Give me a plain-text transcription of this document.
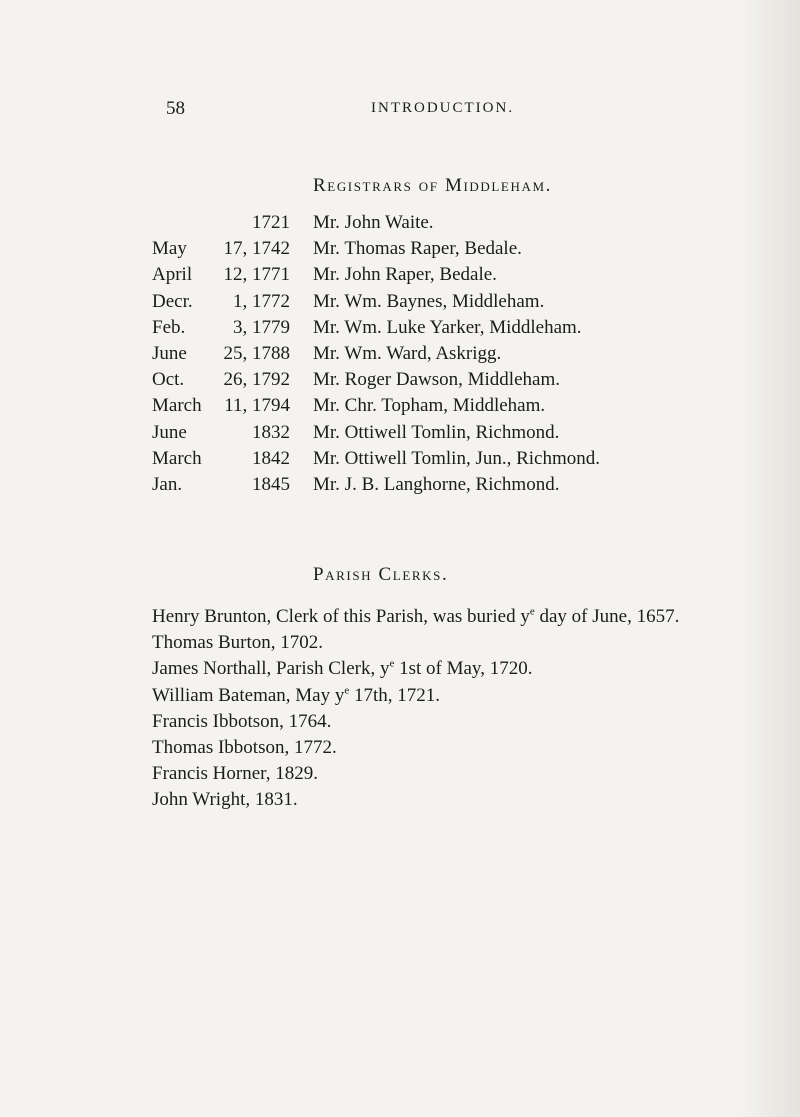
58	INTRODUCTION.
Registrars of Middleham.
1721 Mr. John Waite.
May 17, 1742 Mr. Thomas Raper, Bedale.
April 12, 1771 Mr. John Raper, Bedale.
Decr. 1, 1772 Mr. Wm. Baynes, Middleham.
Feb.	3, 1779 Mr. Wm. Luke Yarker, Middleham.
June 25, 1788 Mr. Wm. Ward, Askrigg.
Oct. 26, 1792 Mr. Roger Dawson, Middleham.
March 11, 1794 Mr. Chr. Topham, Middleham.
June	1832 Mr. Ottiwell Tomlin, Richmond.
March	1842 Mr. Ottiwell Tomlin, Jun., Richmond.
Jan.	1845 Mr. J. B. Langhorne, Richmond.
Parish Clerks.
Henry Brunton, Clerk of this Parish, was buried $y^e$ day of June, 1657.
Thomas Burton, 1702.
James Northall, Parish Clerk, $y^e$ 1st of May, 1720.
William Bateman, May $y^e$ 17th, 1721.
Francis Ibbotson, 1764.
Thomas Ibbotson, 1772.
Francis Horner, 1829.
John Wright, 1831.
